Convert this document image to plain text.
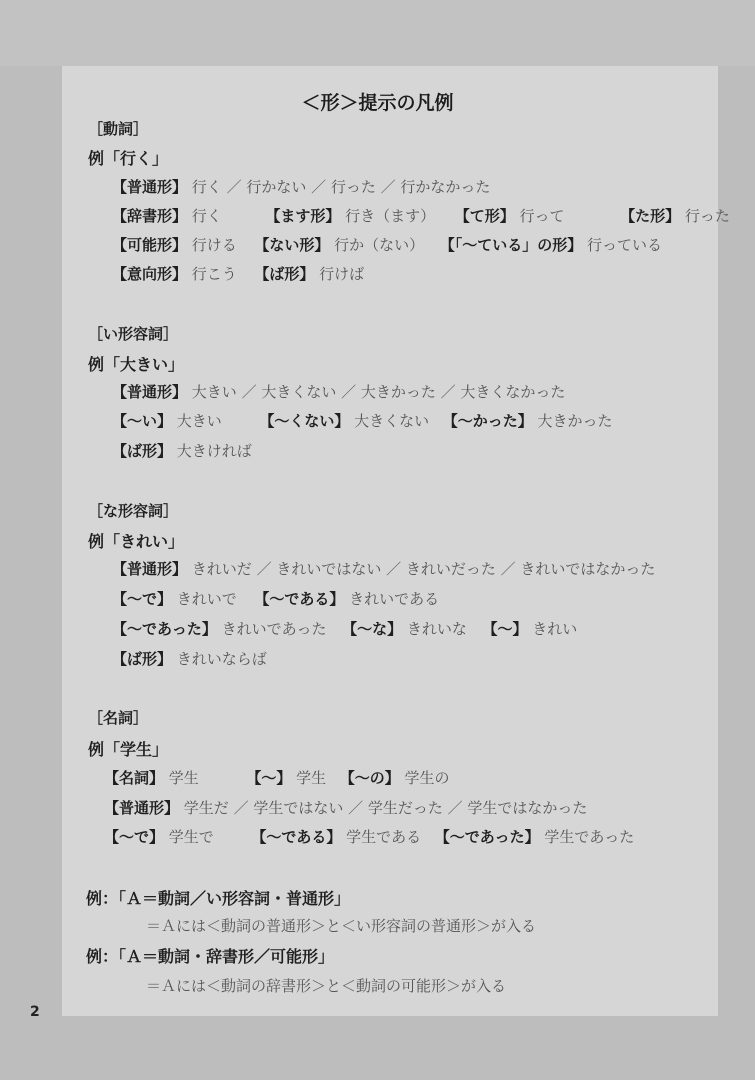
＜形＞提示の凡例
［動詞］
例「行く」
【普通形】 行く ／ 行かない ／ 行った ／ 行かなかった
【辞書形】 行く	【ます形】 行き（ます） 【て形】 行って	【た形】 行った
【可能形】 行ける 【ない形】 行か（ない） 【「〜ている」の形】 行っている
【意向形】 行こう 【ば形】 行けば
［い形容詞］
例「大きい」
【普通形】 大きい ／ 大きくない ／ 大きかった ／ 大きくなかった
【〜い】 大きい	【〜くない】 大きくない 【〜かった】 大きかった
【ば形】 大きければ
［な形容詞］
例「きれい」
【普通形】 きれいだ ／ きれいではない ／ きれいだった ／ きれいではなかった
【〜で】 きれいで 【〜である】 きれいである
【〜であった】 きれいであった 【〜な】 きれいな 【〜】 きれい
【ば形】 きれいならば
［名詞］
例「学生」
【名詞】 学生	【〜】 学生 【〜の】 学生の
【普通形】 学生だ ／ 学生ではない ／ 学生だった ／ 学生ではなかった
【〜で】 学生で	【〜である】 学生である 【〜であった】 学生であった
例：「Ａ＝動詞／い形容詞・普通形」
＝Ａには＜動詞の普通形＞と＜い形容詞の普通形＞が入る
例：「Ａ＝動詞・辞書形／可能形」
＝Ａには＜動詞の辞書形＞と＜動詞の可能形＞が入る
2
